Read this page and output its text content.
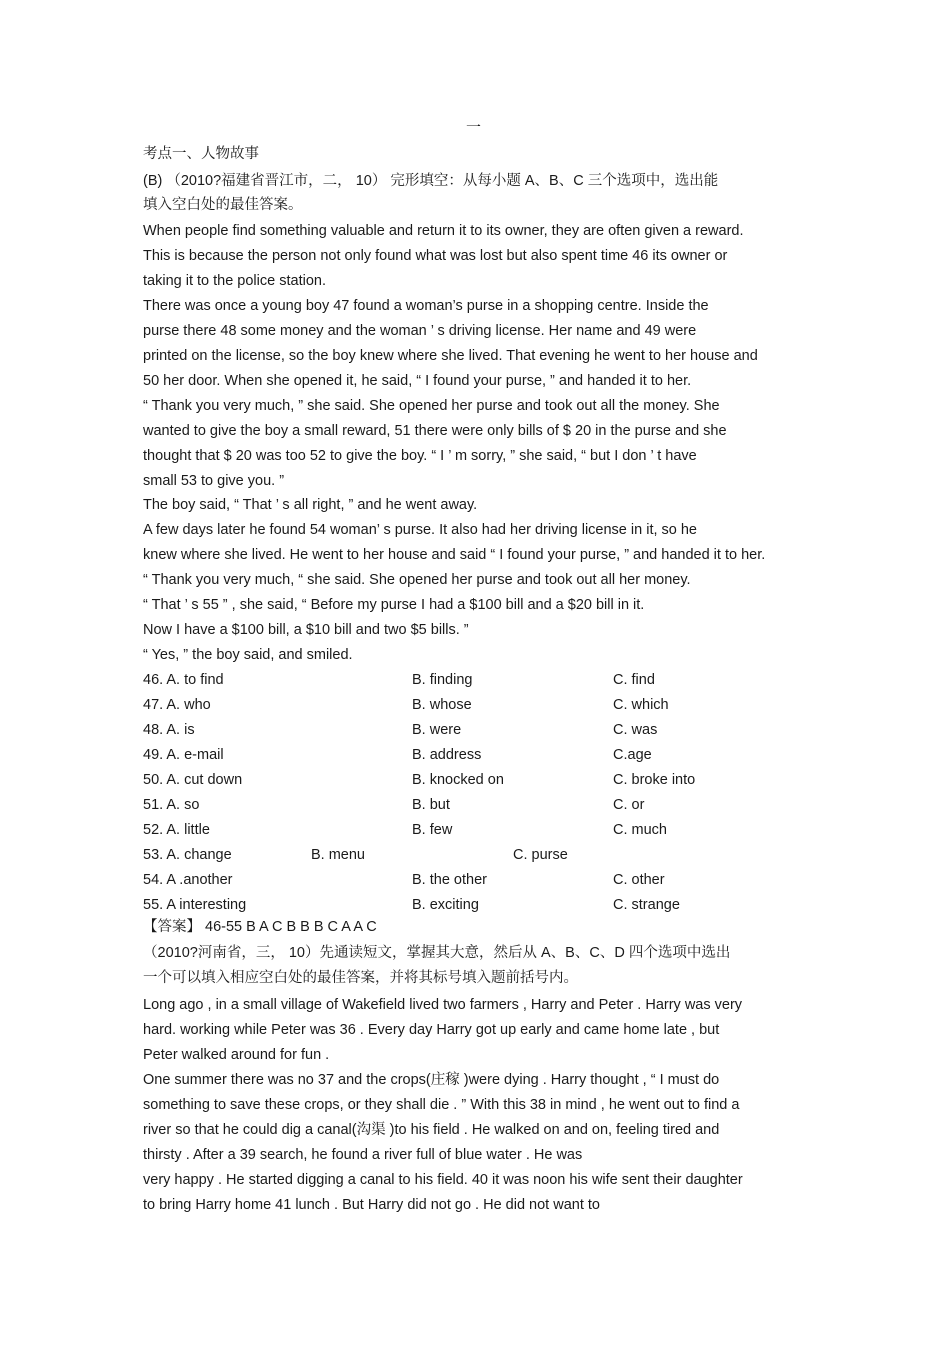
一
考点一、人物故事
(B) （2010?福建省晋江市，二， 10） 完形填空：从每小题 A、B、C 三个选项中，选出能
填入空白处的最佳答案。
When people find something valuable and return it to its owner, they are often given a reward.
This is because the person not only found what was lost but also spent time 46 its owner or
taking it to the police station.
There was once a young boy 47 found a woman’s purse in a shopping centre. Inside the
purse there 48 some money and the woman ’ s driving license. Her name and 49 were
printed on the license, so the boy knew where she lived. That evening he went to her house and
50 her door. When she opened it, he said, “ I found your purse, ” and handed it to her.
“ Thank you very much, ” she said. She opened her purse and took out all the money. She
wanted to give the boy a small reward, 51 there were only bills of $ 20 in the purse and she
thought that $ 20 was too 52 to give the boy. “ I ’ m sorry, ” she said, “ but I don ’ t have
small 53 to give you. ”
The boy said, “ That ’ s all right, ” and he went away.
A few days later he found 54 woman’ s purse. It also had her driving license in it, so he
knew where she lived. He went to her house and said “ I found your purse, ” and handed it to her.
“ Thank you very much, “ she said. She opened her purse and took out all her money.
“ That ’ s 55 ” , she said, “ Before my purse I had a $100 bill and a $20 bill in it.
Now I have a $100 bill, a $10 bill and two $5 bills. ”
“ Yes, ” the boy said, and smiled.
46. A. to find	B. finding	C. find
47. A. who	B. whose	C. which
48. A. is	B. were	C. was
49. A. e-mail	B. address	C.age
50. A. cut down	B. knocked on	C. broke into
51. A. so	B. but	C. or
52. A. little	B. few	C. much
53. A. change	B. menu	C. purse
54. A .another	B. the other	C. other
55. A interesting	B. exciting	C. strange
【答案】 46-55 B A C B B B C A A C
（2010?河南省，三， 10）先通读短文，掌握其大意，然后从 A、B、C、D 四个选项中选出
一个可以填入相应空白处的最佳答案，并将其标号填入题前括号内。
Long ago , in a small village of Wakefield lived two farmers , Harry and Peter . Harry was very
hard. working while Peter was 36 . Every day Harry got up early and came home late , but
Peter walked around for fun .
One summer there was no 37 and the crops(庄稼 )were dying . Harry thought , “ I must do
something to save these crops, or they shall die . ” With this 38 in mind , he went out to find a
river so that he could dig a canal(沟渠 )to his field . He walked on and on, feeling tired and
thirsty . After a 39 search, he found a river full of blue water . He was
very happy . He started digging a canal to his field. 40 it was noon his wife sent their daughter
to bring Harry home 41 lunch . But Harry did not go . He did not want to
